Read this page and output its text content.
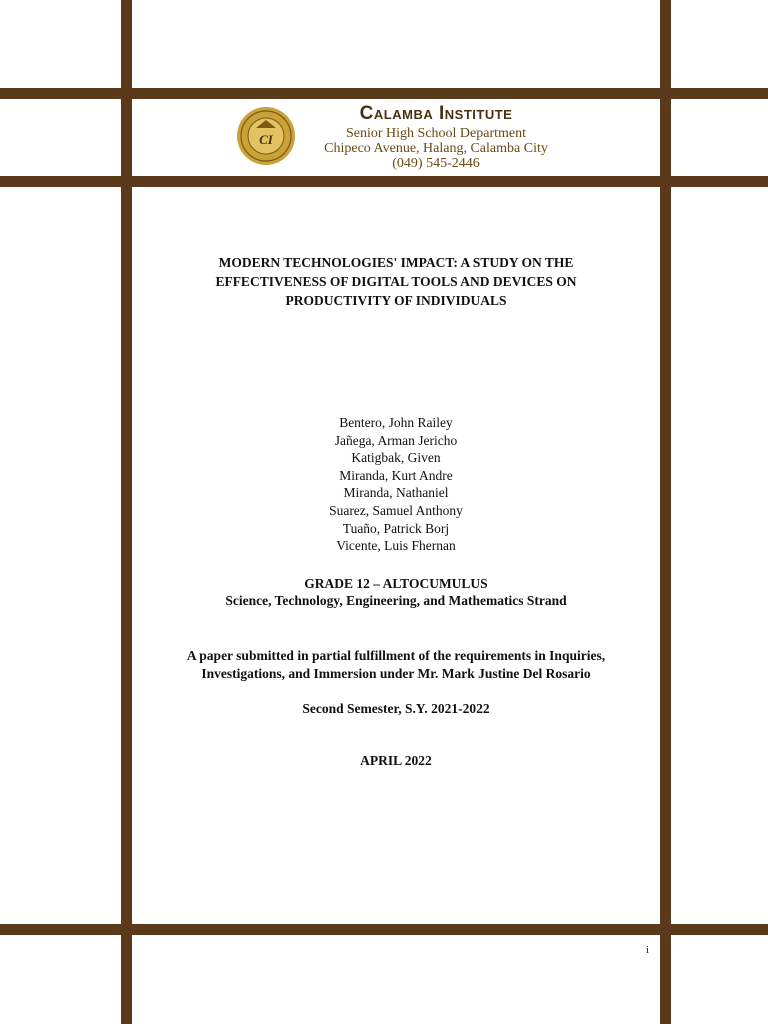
CI
Calamba Institute
Senior High School Department
Chipeco Avenue, Halang, Calamba City
(049) 545-2446
MODERN TECHNOLOGIES' IMPACT: A STUDY ON THE
EFFECTIVENESS OF DIGITAL TOOLS AND DEVICES ON
PRODUCTIVITY OF INDIVIDUALS
Bentero, John Railey
Jañega, Arman Jericho
Katigbak, Given
Miranda, Kurt Andre
Miranda, Nathaniel
Suarez, Samuel Anthony
Tuaño, Patrick Borj
Vicente, Luis Fhernan
GRADE 12 – ALTOCUMULUS
Science, Technology, Engineering, and Mathematics Strand
A paper submitted in partial fulfillment of the requirements in Inquiries,
Investigations, and Immersion under Mr. Mark Justine Del Rosario
Second Semester, S.Y. 2021-2022
APRIL 2022
i
